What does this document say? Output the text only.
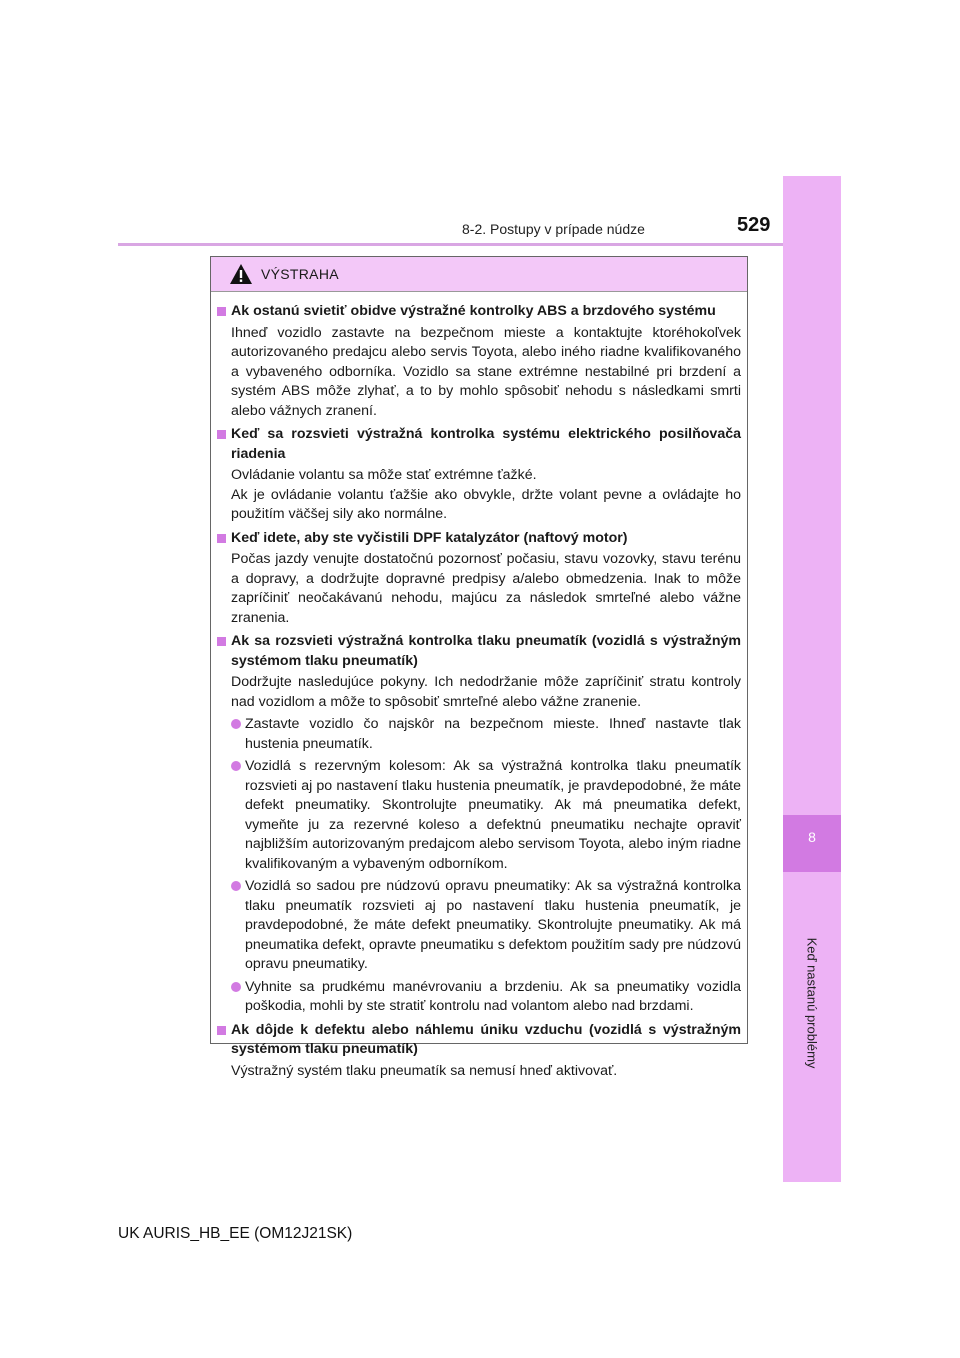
8-2. Postupy v prípade núdze	529
8
Keď nastanú problémy
VÝSTRAHA
Ak ostanú svietiť obidve výstražné kontrolky ABS a brzdového systému
Ihneď vozidlo zastavte na bezpečnom mieste a kontaktujte ktoréhokoľvek autorizovaného predajcu alebo servis Toyota, alebo iného riadne kvalifikovaného a vybaveného odborníka. Vozidlo sa stane extrémne nestabilné pri brzdení a systém ABS môže zlyhať, a to by mohlo spôsobiť nehodu s následkami smrti alebo vážnych zranení.
Keď sa rozsvieti výstražná kontrolka systému elektrického posilňovača riadenia
Ovládanie volantu sa môže stať extrémne ťažké.
Ak je ovládanie volantu ťažšie ako obvykle, držte volant pevne a ovládajte ho použitím väčšej sily ako normálne.
Keď idete, aby ste vyčistili DPF katalyzátor (naftový motor)
Počas jazdy venujte dostatočnú pozornosť počasiu, stavu vozovky, stavu terénu a dopravy, a dodržujte dopravné predpisy a/alebo obmedzenia. Inak to môže zapríčiniť neočakávanú nehodu, majúcu za následok smrteľné alebo vážne zranenia.
Ak sa rozsvieti výstražná kontrolka tlaku pneumatík (vozidlá s výstražným systémom tlaku pneumatík)
Dodržujte nasledujúce pokyny. Ich nedodržanie môže zapríčiniť stratu kontroly nad vozidlom a môže to spôsobiť smrteľné alebo vážne zranenie.
Zastavte vozidlo čo najskôr na bezpečnom mieste. Ihneď nastavte tlak hustenia pneumatík.
Vozidlá s rezervným kolesom: Ak sa výstražná kontrolka tlaku pneumatík rozsvieti aj po nastavení tlaku hustenia pneumatík, je pravdepodobné, že máte defekt pneumatiky. Skontrolujte pneumatiky. Ak má pneumatika defekt, vymeňte ju za rezervné koleso a defektnú pneumatiku nechajte opraviť najbližším autorizovaným predajcom alebo servisom Toyota, alebo iným riadne kvalifikovaným a vybaveným odborníkom.
Vozidlá so sadou pre núdzovú opravu pneumatiky: Ak sa výstražná kontrolka tlaku pneumatík rozsvieti aj po nastavení tlaku hustenia pneumatík, je pravdepodobné, že máte defekt pneumatiky. Skontrolujte pneumatiky. Ak má pneumatika defekt, opravte pneumatiku s defektom použitím sady pre núdzovú opravu pneumatiky.
Vyhnite sa prudkému manévrovaniu a brzdeniu. Ak sa pneumatiky vozidla poškodia, mohli by ste stratiť kontrolu nad volantom alebo nad brzdami.
Ak dôjde k defektu alebo náhlemu úniku vzduchu (vozidlá s výstražným systémom tlaku pneumatík)
Výstražný systém tlaku pneumatík sa nemusí hneď aktivovať.
UK AURIS_HB_EE (OM12J21SK)
